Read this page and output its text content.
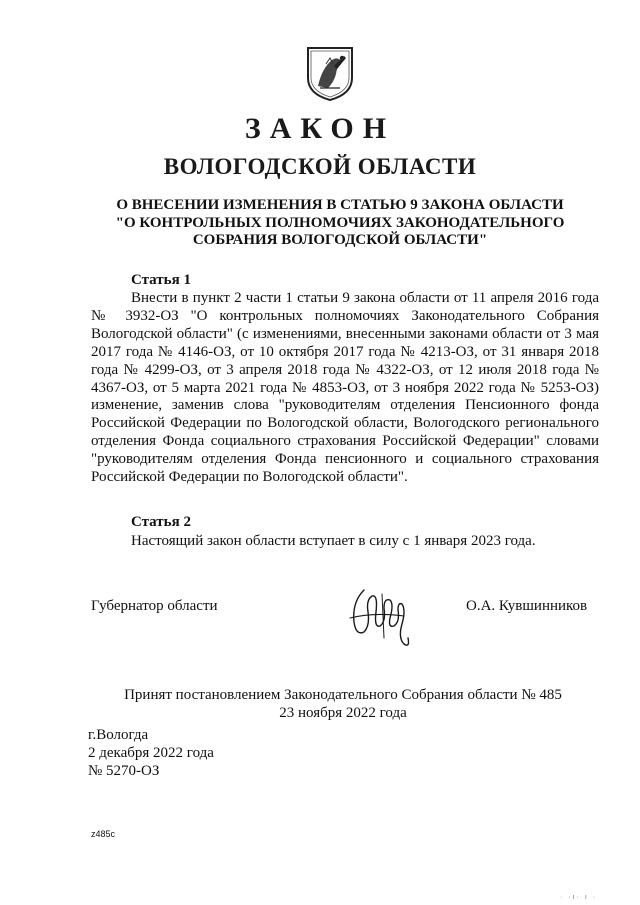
ЗАКОН
ВОЛОГОДСКОЙ ОБЛАСТИ
О ВНЕСЕНИИ ИЗМЕНЕНИЯ В СТАТЬЮ 9 ЗАКОНА ОБЛАСТИ
"О КОНТРОЛЬНЫХ ПОЛНОМОЧИЯХ ЗАКОНОДАТЕЛЬНОГО
СОБРАНИЯ ВОЛОГОДСКОЙ ОБЛАСТИ"
Статья 1
Внести в пункт 2 части 1 статьи 9 закона области от 11 апреля 2016 года № 3932-ОЗ "О контрольных полномочиях Законодательного Собрания Вологодской области" (с изменениями, внесенными законами области от 3 мая 2017 года № 4146-ОЗ, от 10 октября 2017 года № 4213-ОЗ, от 31 января 2018 года № 4299-ОЗ, от 3 апреля 2018 года № 4322-ОЗ, от 12 июля 2018 года № 4367-ОЗ, от 5 марта 2021 года № 4853-ОЗ, от 3 ноября 2022 года № 5253-ОЗ) изменение, заменив слова "руководителям отделения Пенсионного фонда Российской Федерации по Вологодской области, Вологодского регионального отделения Фонда социального страхования Российской Федерации" словами "руководителям отделения Фонда пенсионного и социального страхования Российской Федерации по Вологодской области".
Статья 2
Настоящий закон области вступает в силу с 1 января 2023 года.
Губернатор области	О.А. Кувшинников
Принят постановлением Законодательного Собрания области № 485
23 ноября 2022 года
г.Вологда
2 декабря 2022 года
№ 5270-ОЗ
z485c
· ·ı· ı ·
